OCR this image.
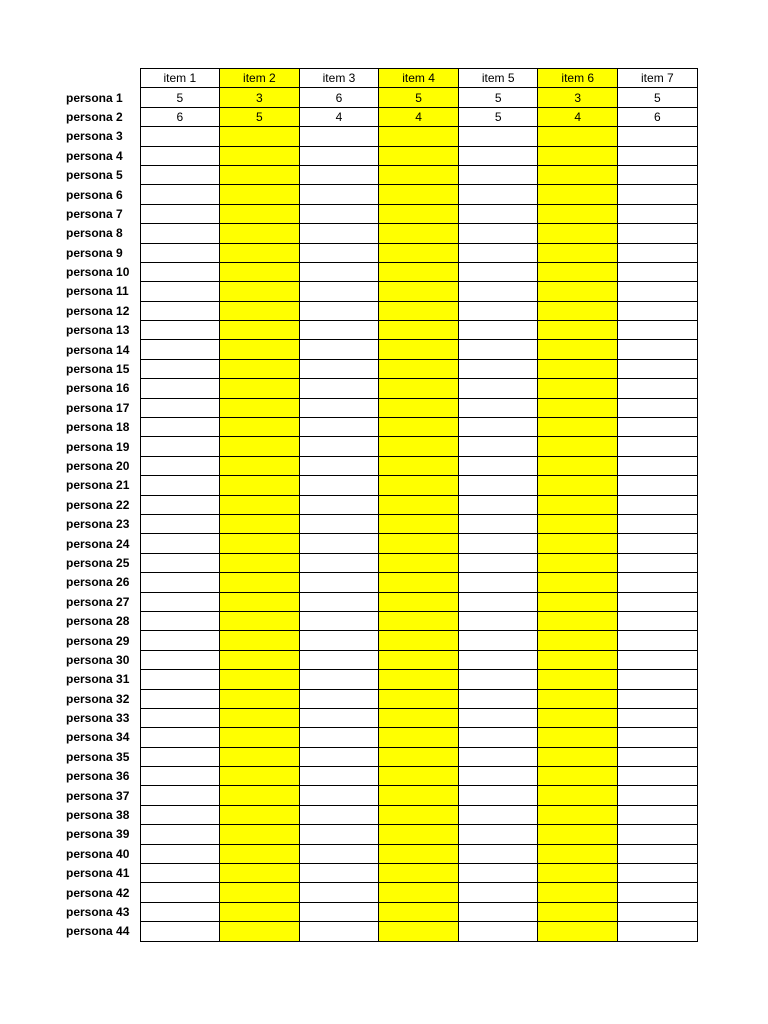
	item 1	item 2	item 3	item 4	item 5	item 6	item 7
persona 1	5	3	6	5	5	3	5
persona 2	6	5	4	4	5	4	6
persona 3							
persona 4							
persona 5							
persona 6							
persona 7							
persona 8							
persona 9							
persona 10							
persona 11							
persona 12							
persona 13							
persona 14							
persona 15							
persona 16							
persona 17							
persona 18							
persona 19							
persona 20							
persona 21							
persona 22							
persona 23							
persona 24							
persona 25							
persona 26							
persona 27							
persona 28							
persona 29							
persona 30							
persona 31							
persona 32							
persona 33							
persona 34							
persona 35							
persona 36							
persona 37							
persona 38							
persona 39							
persona 40							
persona 41							
persona 42							
persona 43							
persona 44							
